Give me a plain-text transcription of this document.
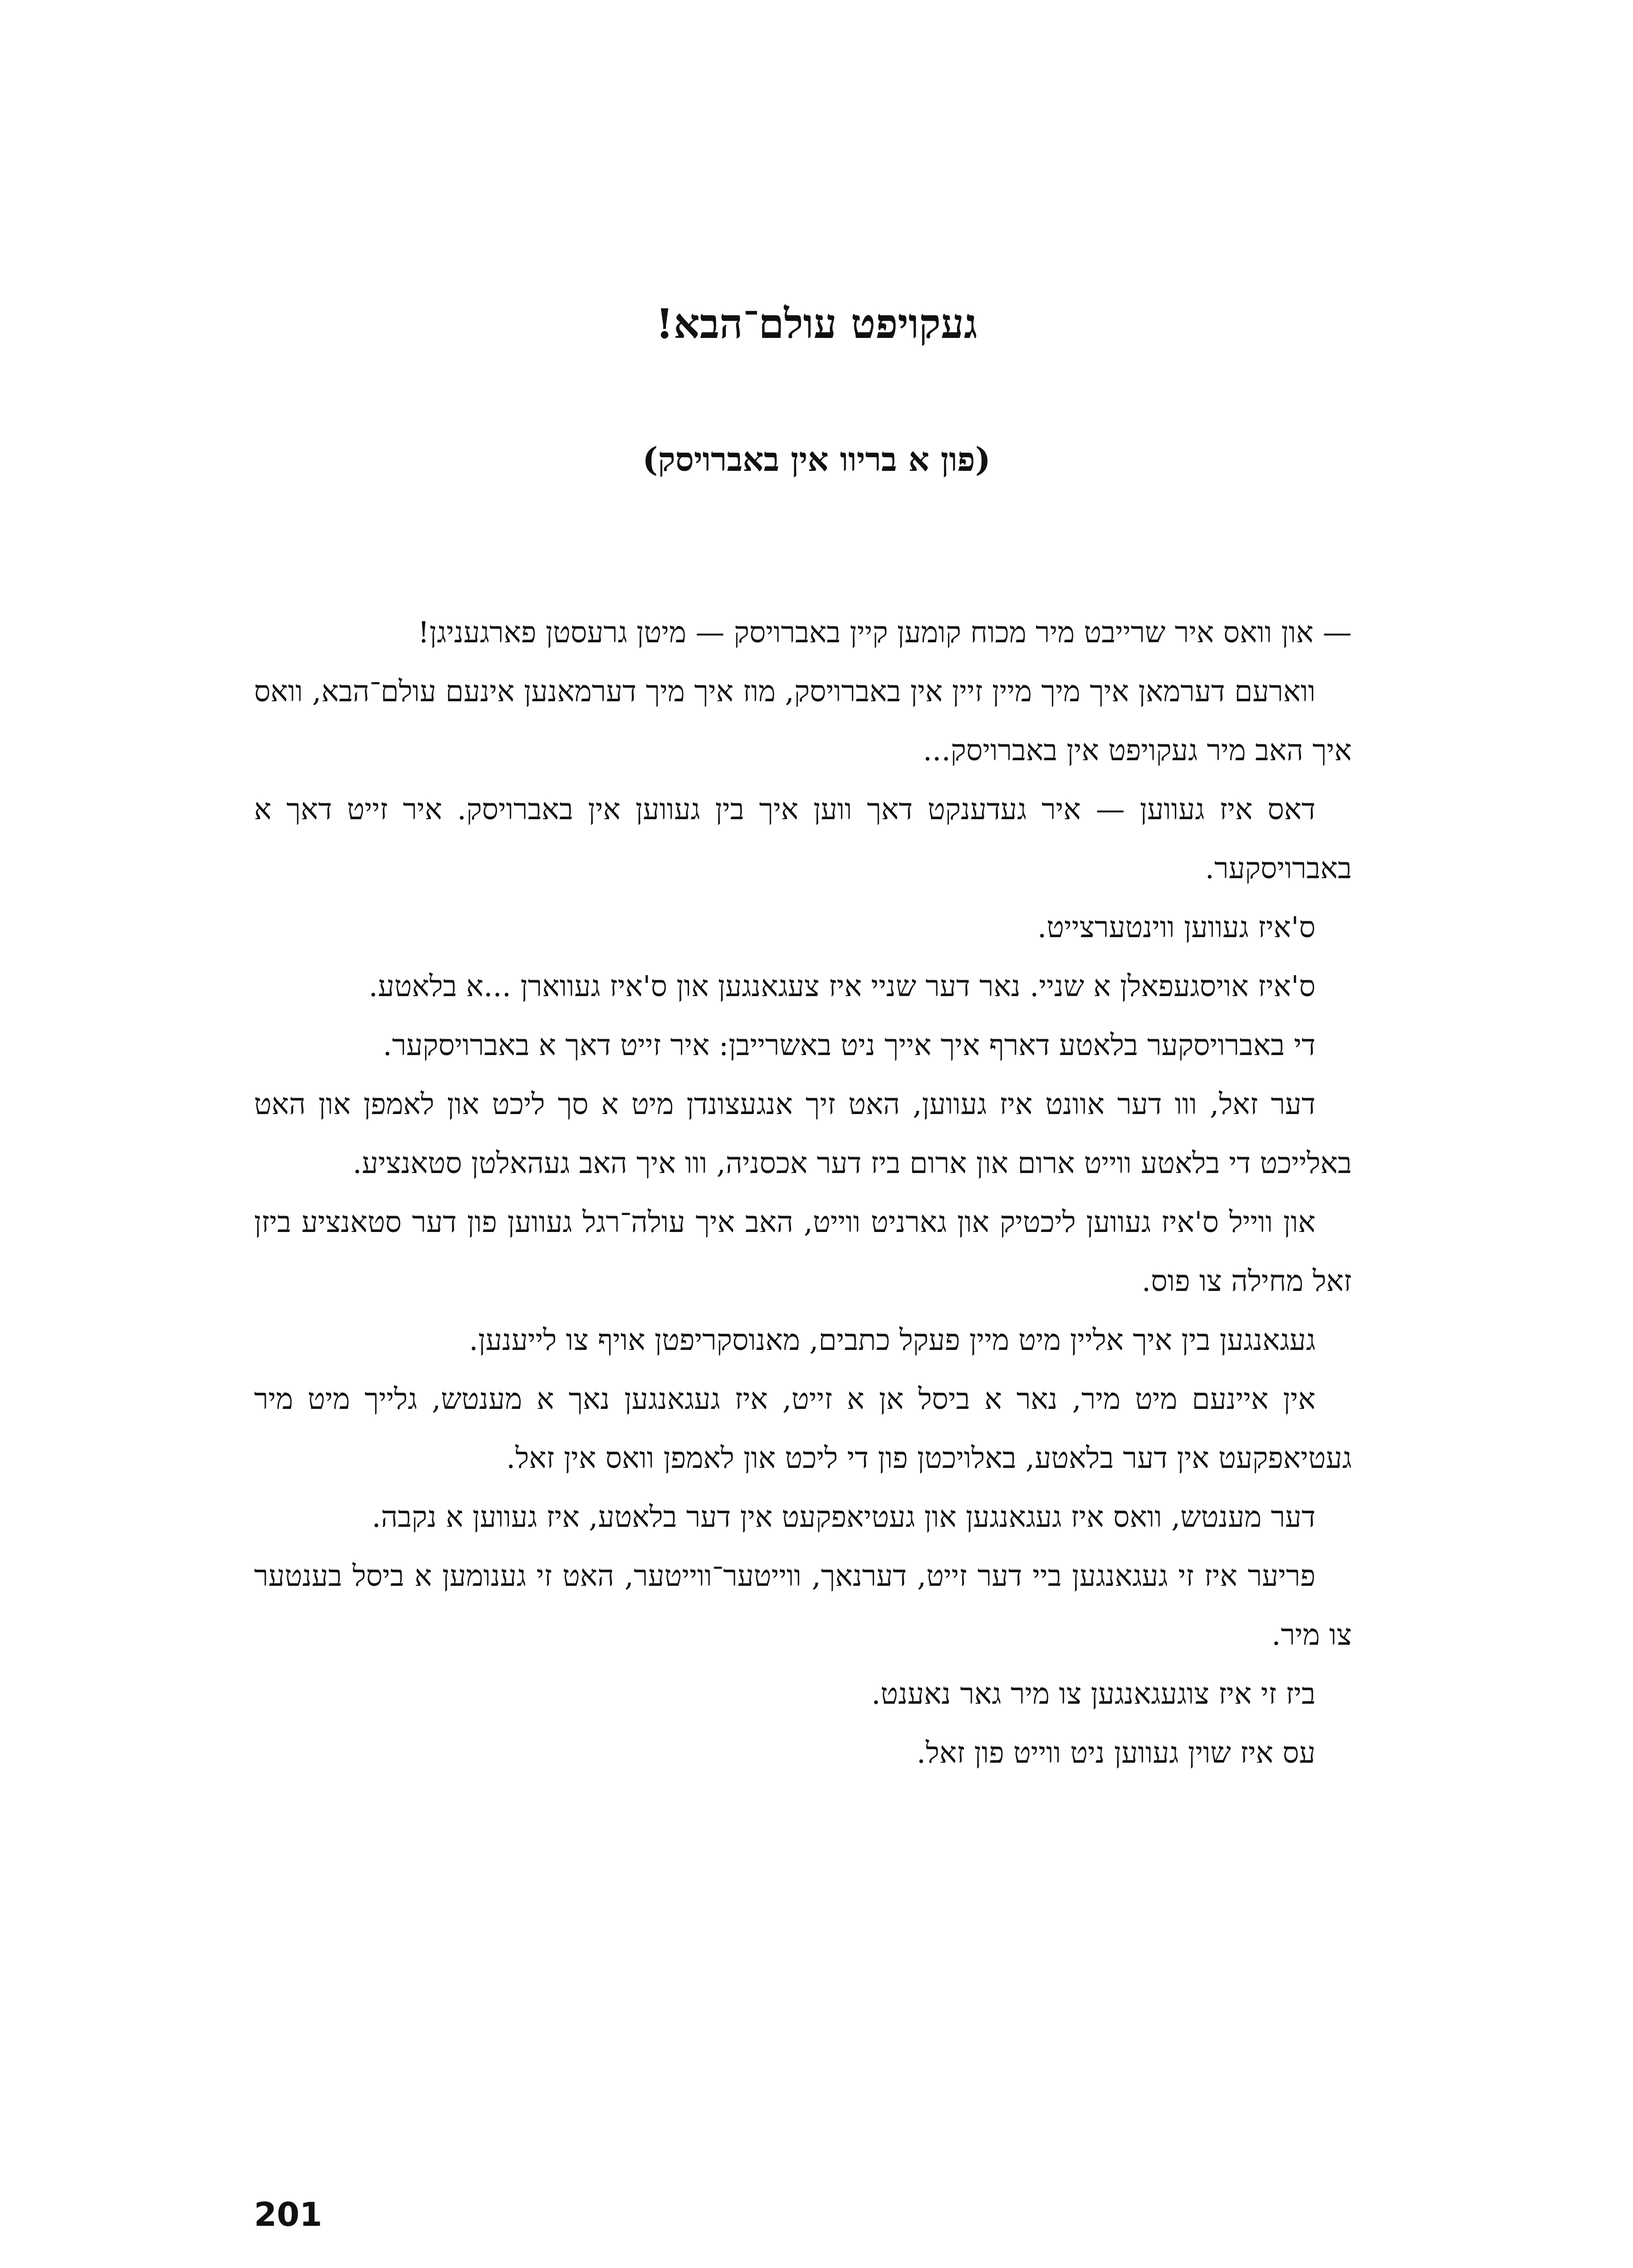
געקויפט עולם־הבא!
(פון א בריוו אין באברויסק)

— און וואס איר שרייבט מיר מכוח קומען קיין באברויסק — מיטן גרעסטן פארגעניגן!

ווארעם דערמאן איך מיך מיין זיין אין באברויסק, מוז איך מיך דערמאנען אינעם עולם־הבא, וואס איך האב מיר געקויפט אין באברויסק...

דאס איז געווען — איר געדענקט דאך ווען איך בין געווען אין באברויסק. איר זייט דאך א באברויסקער.

ס'איז געווען ווינטערצייט.

ס'איז אויסגעפאלן א שניי. נאר דער שניי איז צעגאנגען און ס'איז געווארן ...א בלאטע.

די באברויסקער בלאטע דארף איך אייך ניט באשרייבן: איר זייט דאך א באברויסקער.

דער זאל, ווו דער אוונט איז געווען, האט זיך אנגעצונדן מיט א סך ליכט און לאמפן און האט באלייכט די בלאטע ווייט ארום און ארום ביז דער אכסניה, ווו איך האב געהאלטן סטאנציע.

און ווייל ס'איז געווען ליכטיק און גארניט ווייט, האב איך עולה־רגל געווען פון דער סטאנציע ביזן זאל מחילה צו פוס.

געגאנגען בין איך אליין מיט מיין פעקל כתבים, מאנוסקריפטן אויף צו לייענען.

אין איינעם מיט מיר, נאר א ביסל אן א זייט, איז געגאנגען נאך א מענטש, גלייך מיט מיר געטיאפקעט אין דער בלאטע, באלויכטן פון די ליכט און לאמפן וואס אין זאל.

דער מענטש, וואס איז געגאנגען און געטיאפקעט אין דער בלאטע, איז געווען א נקבה.

פריער איז זי געגאנגען ביי דער זייט, דערנאך, ווייטער־ווייטער, האט זי גענומען א ביסל בענטער צו מיר.

ביז זי איז צוגעגאנגען צו מיר גאר נאענט.

עס איז שוין געווען ניט ווייט פון זאל.

201
